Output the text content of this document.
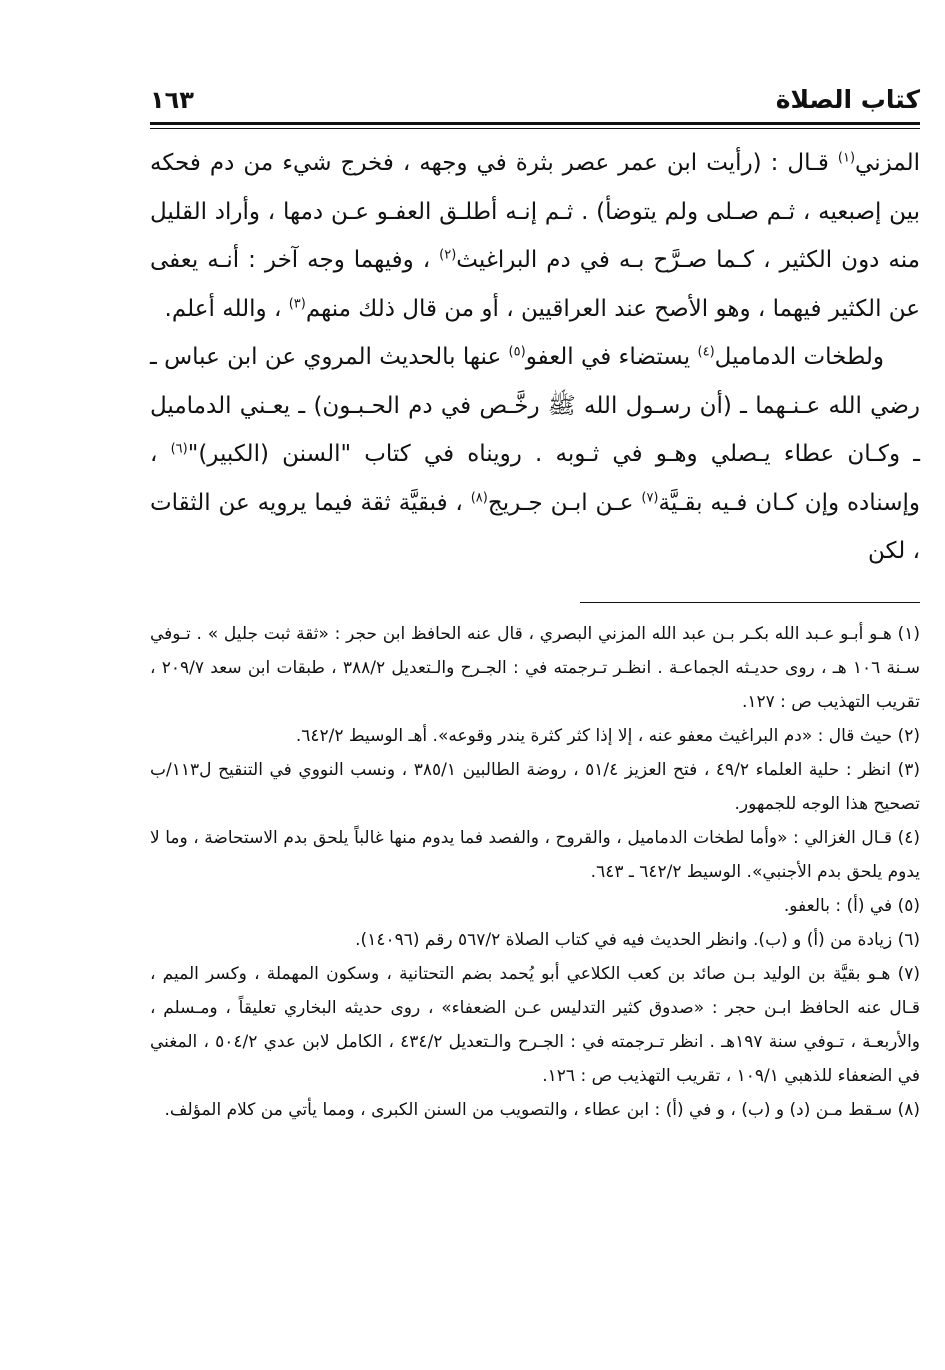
كتاب الصلاة
١٦٣

المزني$^{(١)}$ قـال : (رأيت ابن عمر عصر بثرة في وجهه ، فخرج شيء من دم فحكه بين إصبعيه ، ثـم صـلى ولم يتوضأ) . ثـم إنـه أطلـق العفـو عـن دمها ، وأراد القليل منه دون الكثير ، كـما صـرَّح بـه في دم البراغيث$^{(٢)}$ ، وفيهما وجه آخر : أنـه يعفى عن الكثير فيهما ، وهو الأصح عند العراقيين ، أو من قال ذلك منهم$^{(٣)}$ ، والله أعلم.

ولطخات الدماميل$^{(٤)}$ يستضاء في العفو$^{(٥)}$ عنها بالحديث المروي عن ابن عباس ـ رضي الله عـنـهما ـ (أن رسـول الله ﷺ رخَّـص في دم الحـبـون) ـ يعـني الدماميل ـ وكـان عطاء يـصلي وهـو في ثـوبه . رويناه في كتاب "السنن (الكبير)"$^{(٦)}$ ، وإسناده وإن كـان فـيه بقـيَّة$^{(٧)}$ عـن ابـن جـريج$^{(٨)}$ ، فبقيَّة ثقة فيما يرويه عن الثقات ، لكن

(١) هـو أبـو عـبد الله بكـر بـن عبد الله المزني البصري ، قال عنه الحافظ ابن حجر : «ثقة ثبت جليل » . تـوفي سـنة ١٠٦ هـ ، روى حديـثه الجماعـة . انظـر تـرجمته في : الجـرح والـتعديل ٣٨٨/٢ ، طبقات ابن سعد ٢٠٩/٧ ، تقريب التهذيب ص : ١٢٧.

(٢) حيث قال : «دم البراغيث معفو عنه ، إلا إذا كثر كثرة يندر وقوعه». أهـ الوسيط ٦٤٢/٢.

(٣) انظر : حلية العلماء ٤٩/٢ ، فتح العزيز ٥١/٤ ، روضة الطالبين ٣٨٥/١ ، ونسب النووي في التنقيح ل١١٣/ب تصحيح هذا الوجه للجمهور.

(٤) قـال الغزالي : «وأما لطخات الدماميل ، والقروح ، والفصد فما يدوم منها غالباً يلحق بدم الاستحاضة ، وما لا يدوم يلحق بدم الأجنبي». الوسيط ٦٤٢/٢ ـ ٦٤٣.

(٥) في (أ) : بالعفو.

(٦) زيادة من (أ) و (ب). وانظر الحديث فيه في كتاب الصلاة ٥٦٧/٢ رقم (١٤٠٩٦).

(٧) هـو بقيَّة بن الوليد بـن صائد بن كعب الكلاعي أبو يُحمد بضم التحتانية ، وسكون المهملة ، وكسر الميم ، قـال عنه الحافظ ابـن حجر : «صدوق كثير التدليس عـن الضعفاء» ، روى حديثه البخاري تعليقاً ، ومـسلم ، والأربعـة ، تـوفي سنة ١٩٧هـ . انظر تـرجمته في : الجـرح والـتعديل ٤٣٤/٢ ، الكامل لابن عدي ٥٠٤/٢ ، المغني في الضعفاء للذهبي ١٠٩/١ ، تقريب التهذيب ص : ١٢٦.

(٨) سـقط مـن (د) و (ب) ، و في (أ) : ابن عطاء ، والتصويب من السنن الكبرى ، ومما يأتي من كلام المؤلف.
